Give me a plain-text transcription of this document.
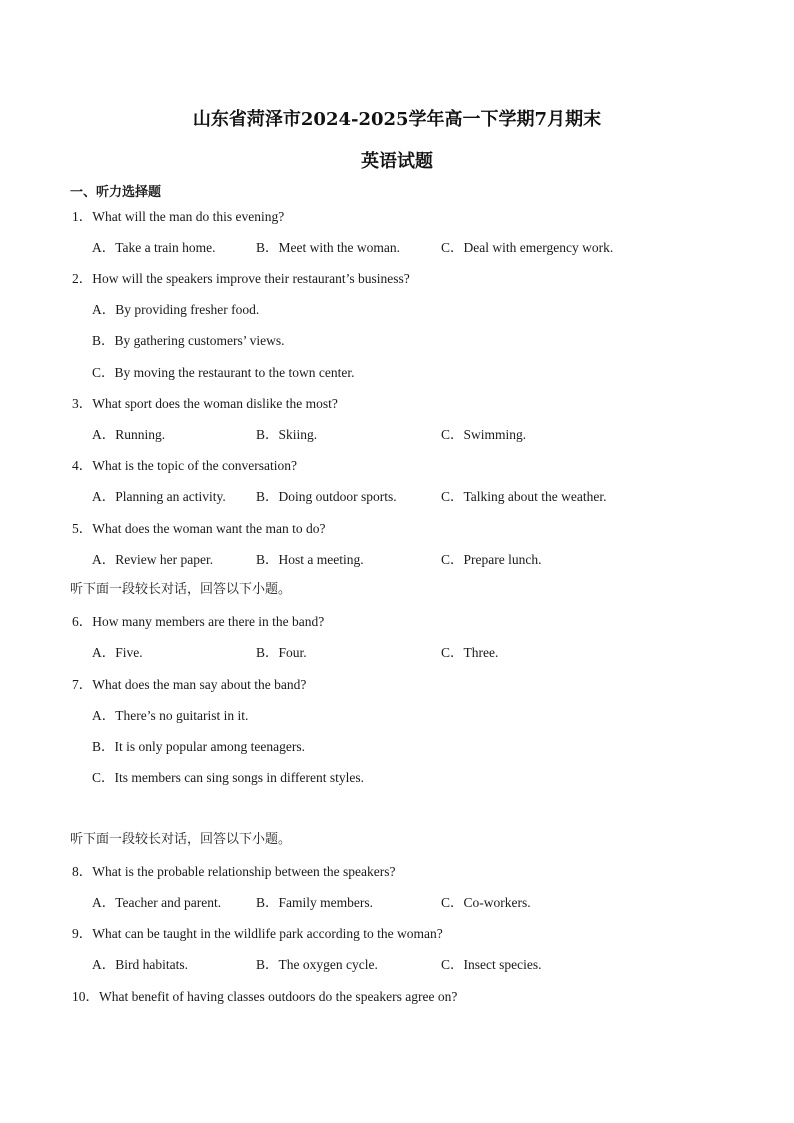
山东省菏泽市2024-2025学年高一下学期7月期末
英语试题
一、听力选择题
1．What will the man do this evening?
A．Take a train home.	B．Meet with the woman.	C．Deal with emergency work.
2．How will the speakers improve their restaurant’s business?
A．By providing fresher food.
B．By gathering customers’ views.
C．By moving the restaurant to the town center.
3．What sport does the woman dislike the most?
A．Running.	B．Skiing.	C．Swimming.
4．What is the topic of the conversation?
A．Planning an activity. B．Doing outdoor sports.	C．Talking about the weather.
5．What does the woman want the man to do?
A．Review her paper.	B．Host a meeting.	C．Prepare lunch.
听下面一段较长对话，回答以下小题。
6．How many members are there in the band?
A．Five.	B．Four.	C．Three.
7．What does the man say about the band?
A．There’s no guitarist in it.
B．It is only popular among teenagers.
C．Its members can sing songs in different styles.
听下面一段较长对话，回答以下小题。
8．What is the probable relationship between the speakers?
A．Teacher and parent.	B．Family members.	C．Co-workers.
9．What can be taught in the wildlife park according to the woman?
A．Bird habitats.	B．The oxygen cycle.	C．Insect species.
10．What benefit of having classes outdoors do the speakers agree on?
